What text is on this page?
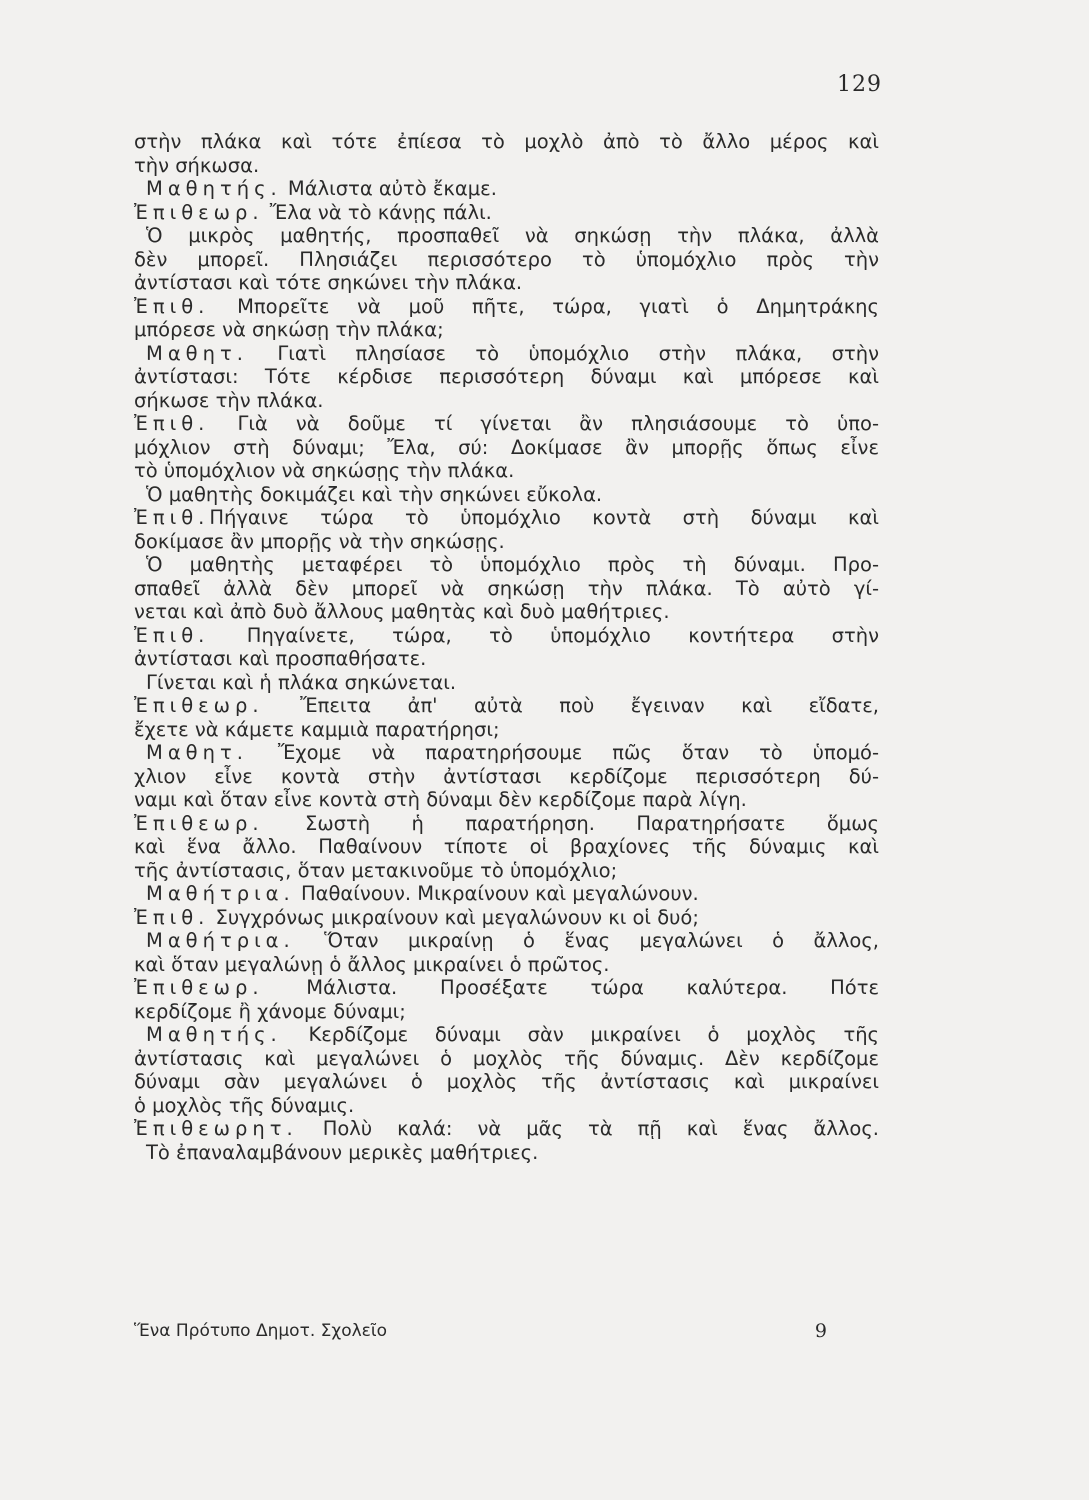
129
στὴν πλάκα καὶ τότε ἐπίεσα τὸ μοχλὸ ἀπὸ τὸ ἄλλο μέρος καὶ
τὴν σήκωσα.
Μαθητής. Μάλιστα αὐτὸ ἔκαμε.
Ἐπιθεωρ. Ἔλα νὰ τὸ κάνῃς πάλι.
Ὁ μικρὸς μαθητής, προσπαθεῖ νὰ σηκώσῃ τὴν πλάκα, ἀλλὰ
δὲν μπορεῖ. Πλησιάζει περισσότερο τὸ ὑπομόχλιο πρὸς τὴν
ἀντίστασι καὶ τότε σηκώνει τὴν πλάκα.
Ἐπιθ. Μπορεῖτε νὰ μοῦ πῆτε, τώρα, γιατὶ ὁ Δημητράκης
μπόρεσε νὰ σηκώσῃ τὴν πλάκα;
Μαθητ. Γιατὶ πλησίασε τὸ ὑπομόχλιο στὴν πλάκα, στὴν
ἀντίστασι: Τότε κέρδισε περισσότερη δύναμι καὶ μπόρεσε καὶ
σήκωσε τὴν πλάκα.
Ἐπιθ. Γιὰ νὰ δοῦμε τί γίνεται ἂν πλησιάσουμε τὸ ὑπο-
μόχλιον στὴ δύναμι; Ἔλα, σύ: Δοκίμασε ἂν μπορῇς ὅπως εἶνε
τὸ ὑπομόχλιον νὰ σηκώσῃς τὴν πλάκα.
Ὁ μαθητὴς δοκιμάζει καὶ τὴν σηκώνει εὔκολα.
Ἐπιθ.Πήγαινε τώρα τὸ ὑπομόχλιο κοντὰ στὴ δύναμι καὶ
δοκίμασε ἂν μπορῇς νὰ τὴν σηκώσῃς.
Ὁ μαθητὴς μεταφέρει τὸ ὑπομόχλιο πρὸς τὴ δύναμι. Προ-
σπαθεῖ ἀλλὰ δὲν μπορεῖ νὰ σηκώσῃ τὴν πλάκα. Τὸ αὐτὸ γί-
νεται καὶ ἀπὸ δυὸ ἄλλους μαθητὰς καὶ δυὸ μαθήτριες.
Ἐπιθ. Πηγαίνετε, τώρα, τὸ ὑπομόχλιο κοντήτερα στὴν
ἀντίστασι καὶ προσπαθήσατε.
Γίνεται καὶ ἡ πλάκα σηκώνεται.
Ἐπιθεωρ. Ἔπειτα ἀπ' αὐτὰ ποὺ ἔγειναν καὶ εἴδατε,
ἔχετε νὰ κάμετε καμμιὰ παρατήρησι;
Μαθητ. Ἔχομε νὰ παρατηρήσουμε πῶς ὅταν τὸ ὑπομό-
χλιον εἶνε κοντὰ στὴν ἀντίστασι κερδίζομε περισσότερη δύ-
ναμι καὶ ὅταν εἶνε κοντὰ στὴ δύναμι δὲν κερδίζομε παρὰ λίγη.
Ἐπιθεωρ. Σωστὴ ἡ παρατήρηση. Παρατηρήσατε ὅμως
καὶ ἕνα ἄλλο. Παθαίνουν τίποτε οἱ βραχίονες τῆς δύναμις καὶ
τῆς ἀντίστασις, ὅταν μετακινοῦμε τὸ ὑπομόχλιο;
Μαθήτρια. Παθαίνουν. Μικραίνουν καὶ μεγαλώνουν.
Ἐπιθ. Συγχρόνως μικραίνουν καὶ μεγαλώνουν κι οἱ δυό;
Μαθήτρια. Ὅταν μικραίνῃ ὁ ἕνας μεγαλώνει ὁ ἄλλος,
καὶ ὅταν μεγαλώνῃ ὁ ἄλλος μικραίνει ὁ πρῶτος.
Ἐπιθεωρ. Μάλιστα. Προσέξατε τώρα καλύτερα. Πότε
κερδίζομε ἢ χάνομε δύναμι;
Μαθητής. Κερδίζομε δύναμι σὰν μικραίνει ὁ μοχλὸς τῆς
ἀντίστασις καὶ μεγαλώνει ὁ μοχλὸς τῆς δύναμις. Δὲν κερδίζομε
δύναμι σὰν μεγαλώνει ὁ μοχλὸς τῆς ἀντίστασις καὶ μικραίνει
ὁ μοχλὸς τῆς δύναμις.
Ἐπιθεωρητ. Πολὺ καλά: νὰ μᾶς τὰ πῇ καὶ ἕνας ἄλλος.
Τὸ ἐπαναλαμβάνουν μερικὲς μαθήτριες.
Ἕνα Πρότυπο Δημοτ. Σχολεῖο	9
